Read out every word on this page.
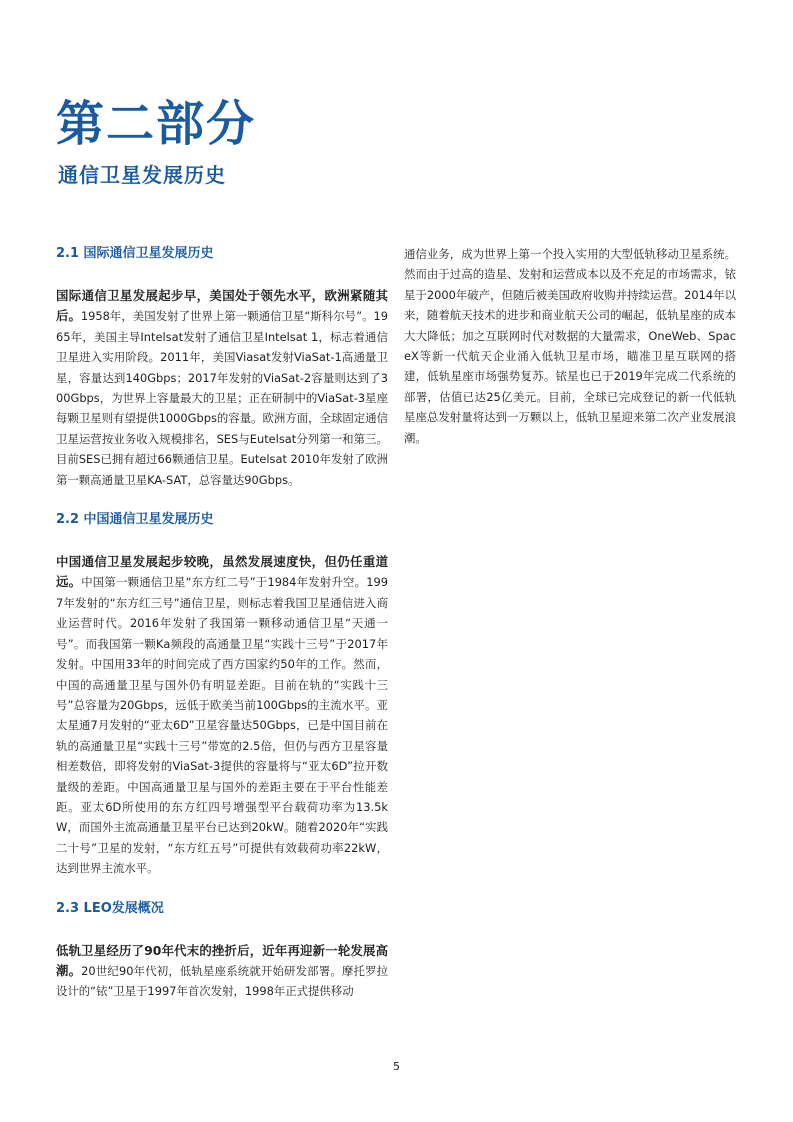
第二部分
通信卫星发展历史
2.1 国际通信卫星发展历史

国际通信卫星发展起步早，美国处于领先水平，欧洲紧随其后。1958年，美国发射了世界上第一颗通信卫星“斯科尔号”。1965年，美国主导Intelsat发射了通信卫星Intelsat 1，标志着通信卫星进入实用阶段。2011年，美国Viasat发射ViaSat-1高通量卫星，容量达到140Gbps；2017年发射的ViaSat-2容量则达到了300Gbps，为世界上容量最大的卫星；正在研制中的ViaSat-3星座每颗卫星则有望提供1000Gbps的容量。欧洲方面，全球固定通信卫星运营按业务收入规模排名，SES与Eutelsat分列第一和第三。目前SES已拥有超过66颗通信卫星。Eutelsat 2010年发射了欧洲第一颗高通量卫星KA-SAT，总容量达90Gbps。

2.2 中国通信卫星发展历史

中国通信卫星发展起步较晚，虽然发展速度快，但仍任重道远。中国第一颗通信卫星“东方红二号”于1984年发射升空。1997年发射的“东方红三号”通信卫星，则标志着我国卫星通信进入商业运营时代。2016年发射了我国第一颗移动通信卫星“天通一号”。而我国第一颗Ka频段的高通量卫星“实践十三号”于2017年发射。中国用33年的时间完成了西方国家约50年的工作。然而，中国的高通量卫星与国外仍有明显差距。目前在轨的“实践十三号”总容量为20Gbps，远低于欧美当前100Gbps的主流水平。亚太星通7月发射的“亚太6D”卫星容量达50Gbps，已是中国目前在轨的高通量卫星“实践十三号”带宽的2.5倍，但仍与西方卫星容量相差数倍，即将发射的ViaSat-3提供的容量将与“亚太6D”拉开数量级的差距。中国高通量卫星与国外的差距主要在于平台性能差距。亚太6D所使用的东方红四号增强型平台载荷功率为13.5kW，而国外主流高通量卫星平台已达到20kW。随着2020年“实践二十号”卫星的发射，“东方红五号”可提供有效载荷功率22kW，达到世界主流水平。

2.3 LEO发展概况

低轨卫星经历了90年代末的挫折后，近年再迎新一轮发展高潮。20世纪90年代初，低轨星座系统就开始研发部署。摩托罗拉设计的“铱”卫星于1997年首次发射，1998年正式提供移动

通信业务，成为世界上第一个投入实用的大型低轨移动卫星系统。然而由于过高的造星、发射和运营成本以及不充足的市场需求，铱星于2000年破产，但随后被美国政府收购并持续运营。2014年以来，随着航天技术的进步和商业航天公司的崛起，低轨星座的成本大大降低；加之互联网时代对数据的大量需求，OneWeb、SpaceX等新一代航天企业涌入低轨卫星市场，瞄准卫星互联网的搭建，低轨星座市场强势复苏。铱星也已于2019年完成二代系统的部署，估值已达25亿美元。目前，全球已完成登记的新一代低轨星座总发射量将达到一万颗以上，低轨卫星迎来第二次产业发展浪潮。

5
